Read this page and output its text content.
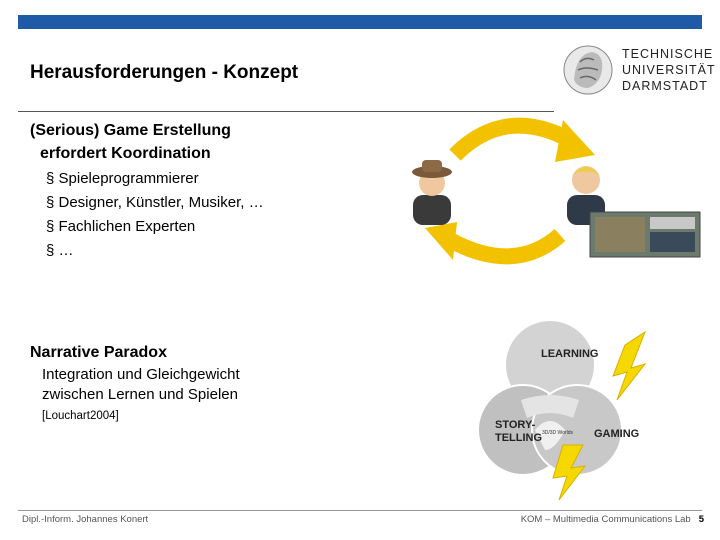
Herausforderungen - Konzept
TECHNISCHE
UNIVERSITÄT
DARMSTADT
(Serious) Game Erstellung
erfordert Koordination
§ Spieleprogrammierer
§ Designer, Künstler, Musiker, …
§ Fachlichen Experten
§ …
Narrative Paradox
Integration und Gleichgewicht
zwischen Lernen und Spielen
[Louchart2004]
LEARNING
STORY-
TELLING	GAMING
3D/3D Worlds
Dipl.-Inform. Johannes Konert	KOM – Multimedia Communications Lab 5
